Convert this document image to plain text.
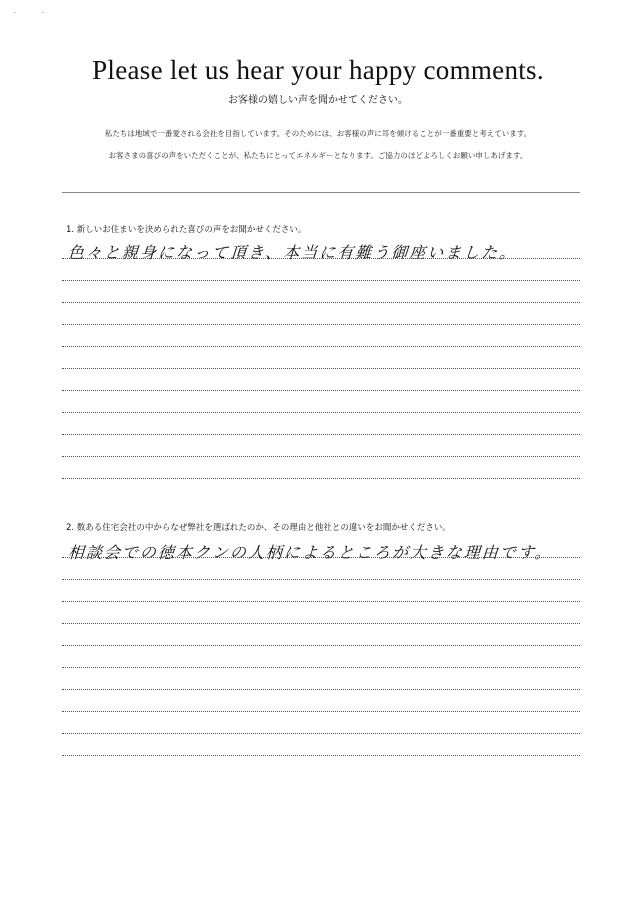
· ·
Please let us hear your happy comments.
お客様の嬉しい声を聞かせてください。
私たちは地域で一番愛される会社を目指しています。そのためには、お客様の声に耳を傾けることが一番重要と考えています。
お客さまの喜びの声をいただくことが、私たちにとってエネルギーとなります。ご協力のほどよろしくお願い申しあげます。
1. 新しいお住まいを決められた喜びの声をお聞かせください。
色々と親身になって頂き、本当に有難う御座いました。
2. 数ある住宅会社の中からなぜ弊社を選ばれたのか、その理由と他社との違いをお聞かせください。
相談会での徳本クンの人柄によるところが大きな理由です。
